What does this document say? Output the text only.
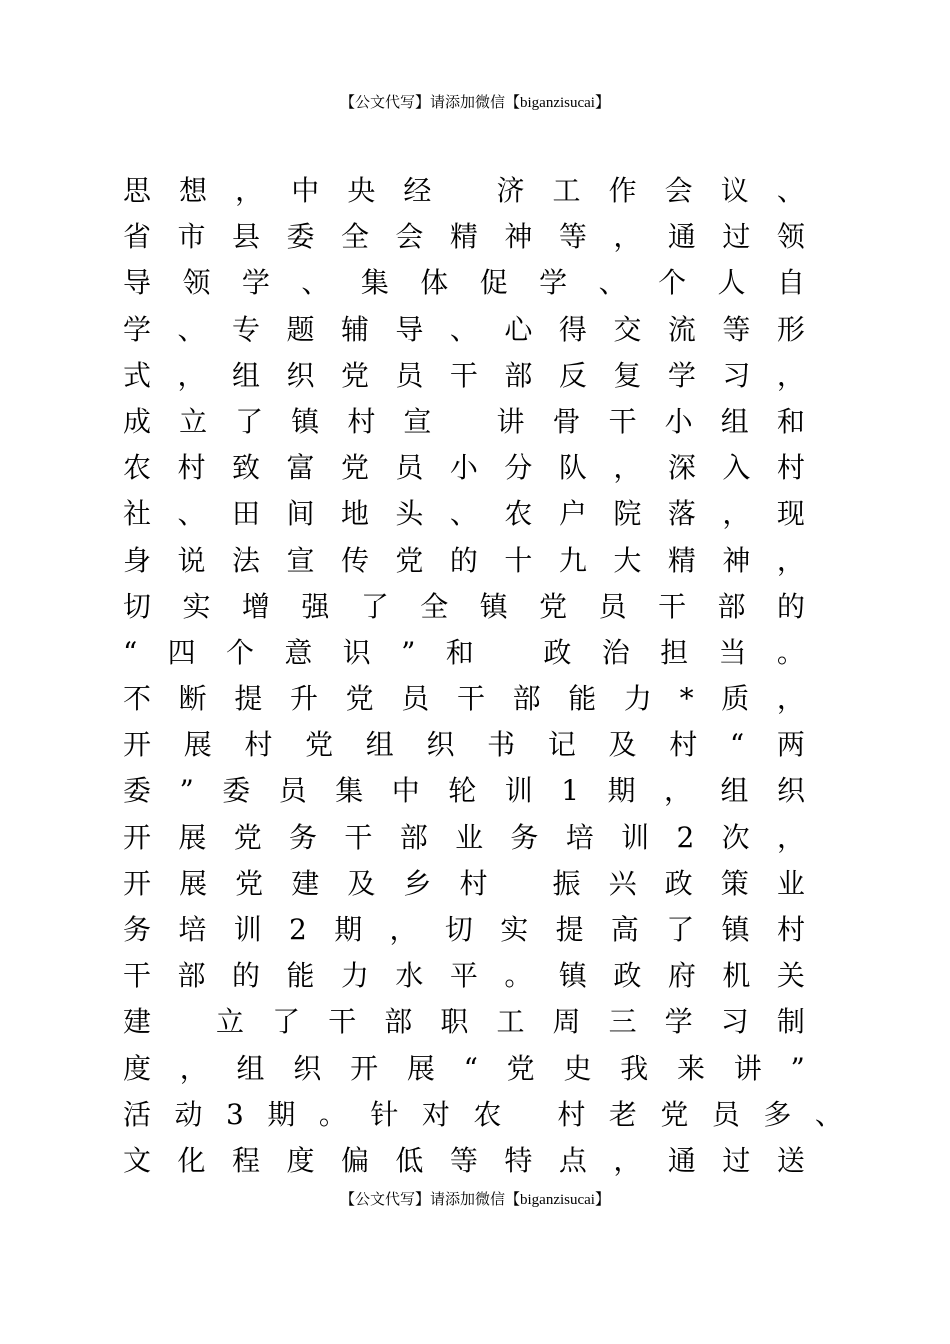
【公文代写】请添加微信【biganzisucai】
思 想 ， 中 央 经
济 工 作 会 议 、
省 市 县 委 全 会 精 神 等 ， 通 过 领
导 领 学 、 集 体 促 学 、 个 人 自
学 、 专 题 辅 导 、 心 得 交 流 等 形
式 ， 组 织 党 员 干 部 反 复 学 习 ，
成 立 了 镇 村 宣
讲 骨 干 小 组 和
农 村 致 富 党 员 小 分 队 ， 深 入 村
社 、 田 间 地 头 、 农 户 院 落 ， 现
身 说 法 宣 传 党 的 十 九 大 精 神 ，
切 实 增 强 了 全 镇 党 员 干 部 的
“ 四 个 意 识 ” 和
政 治 担 当 。
不 断 提 升 党 员 干 部 能 力 * 质 ，
开 展 村 党 组 织 书 记 及 村 “ 两
委 ” 委 员 集 中 轮 训 1 期 ， 组 织
开 展 党 务 干 部 业 务 培 训 2 次 ，
开 展 党 建 及 乡 村
振 兴 政 策 业
务 培 训 2 期 ， 切 实 提 高 了 镇 村
干 部 的 能 力 水 平 。 镇 政 府 机 关
建
立 了 干 部 职 工 周 三 学 习 制
度 ， 组 织 开 展 “ 党 史 我 来 讲 ”
活 动 3 期 。 针 对 农
村 老 党 员 多 、
文 化 程 度 偏 低 等 特 点 ， 通 过 送
【公文代写】请添加微信【biganzisucai】
